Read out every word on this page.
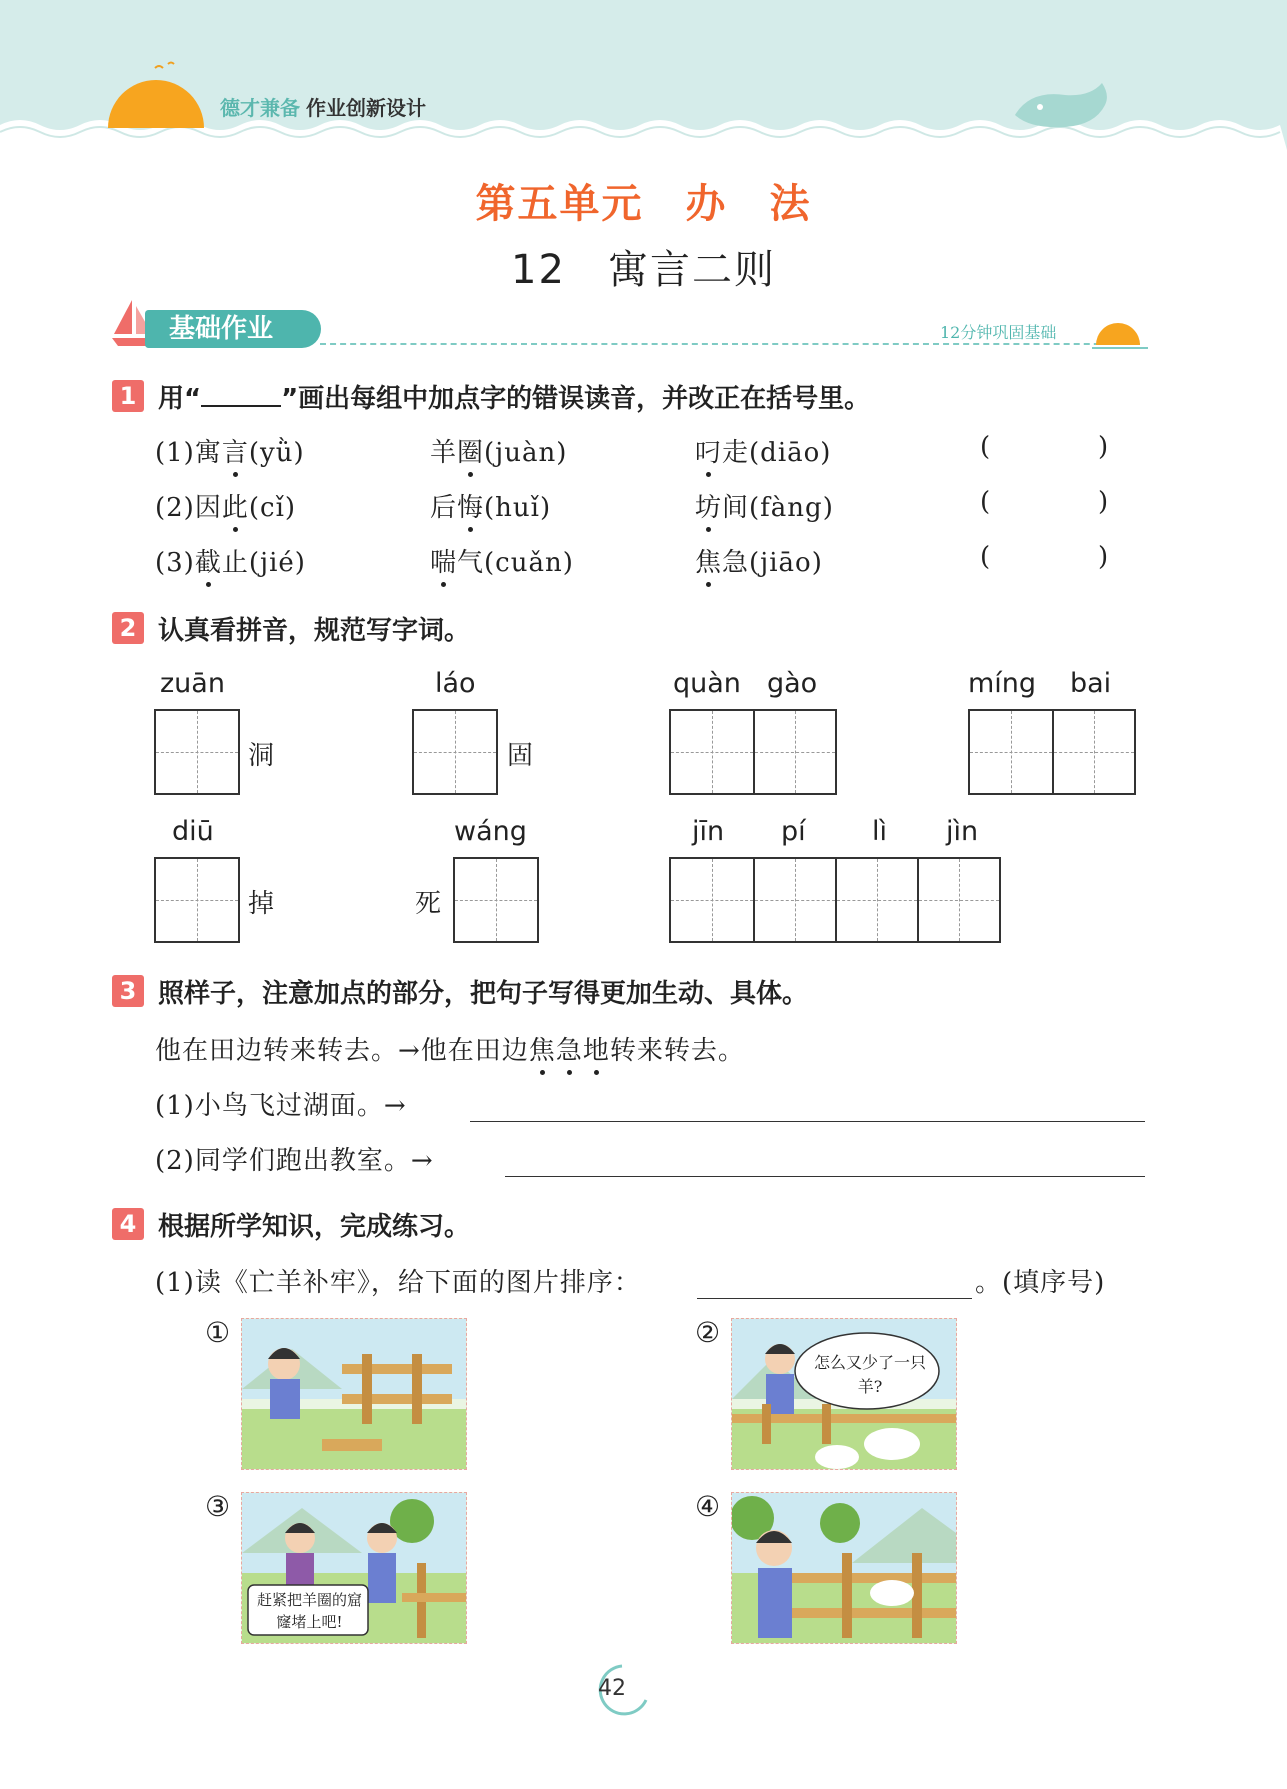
德才兼备 作业创新设计
第五单元　办　法
12　寓言二则
基础作业	12分钟巩固基础
1 用“	”画出每组中加点字的错误读音，并改正在括号里。
(1)寓言(yǜ)	羊圈(juàn)	叼走(diāo)	(	)
(2)因此(cǐ)	后悔(huǐ)	坊间(fàng)	(	)
(3)截止(jié)	喘气(cuǎn)	焦急(jiāo)	(	)
2 认真看拼音，规范写字词。
zuān
洞
láo
固
quàn gào	míng bai
diū
掉	死
wáng	jīn pí lì jìn
3 照样子，注意加点的部分，把句子写得更加生动、具体。
他在田边转来转去。→他在田边焦急地转来转去。
(1)小鸟飞过湖面。→
(2)同学们跑出教室。→
4 根据所学知识，完成练习。
(1)读《亡羊补牢》，给下面的图片排序：	。(填序号)
①	②
怎么又少了一只羊?
③
赶紧把羊圈的窟窿堵上吧!
④
42
